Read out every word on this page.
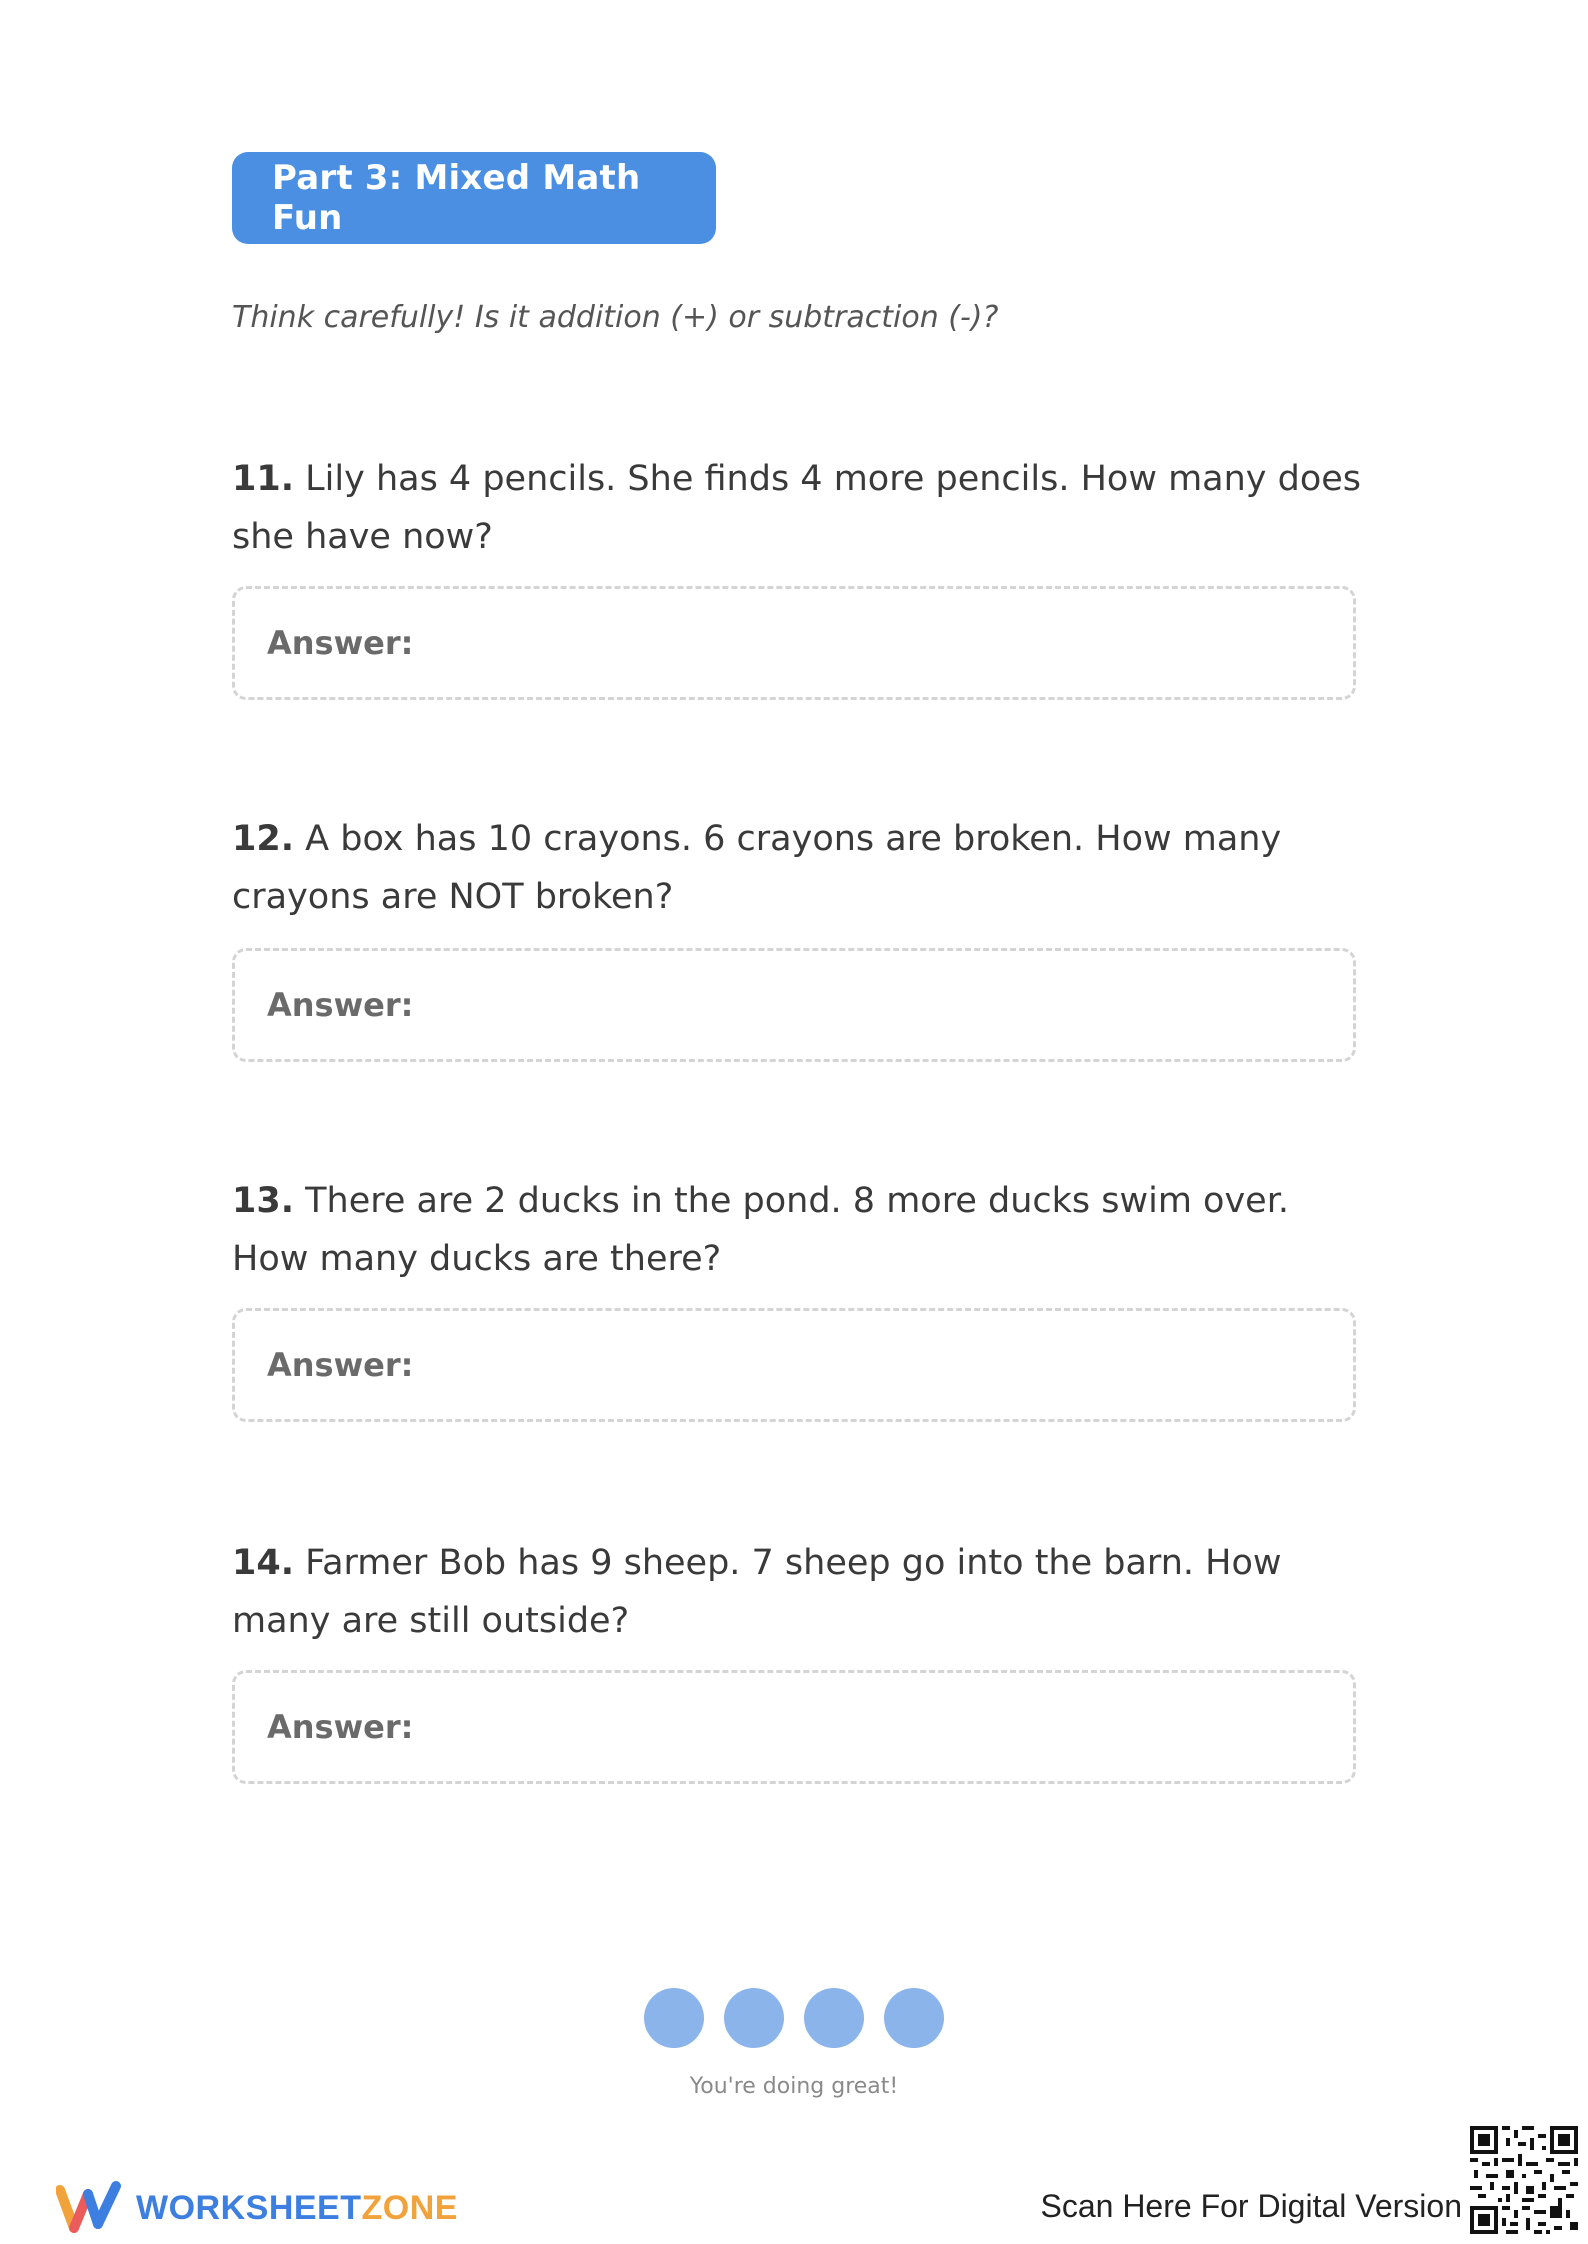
Part 3: Mixed Math Fun
Think carefully! Is it addition (+) or subtraction (-)?
11. Lily has 4 pencils. She finds 4 more pencils. How many does she have now?
Answer:
12. A box has 10 crayons. 6 crayons are broken. How many crayons are NOT broken?
Answer:
13. There are 2 ducks in the pond. 8 more ducks swim over. How many ducks are there?
Answer:
14. Farmer Bob has 9 sheep. 7 sheep go into the barn. How many are still outside?
Answer:
You're doing great!
WORKSHEETZONE	Scan Here For Digital Version
